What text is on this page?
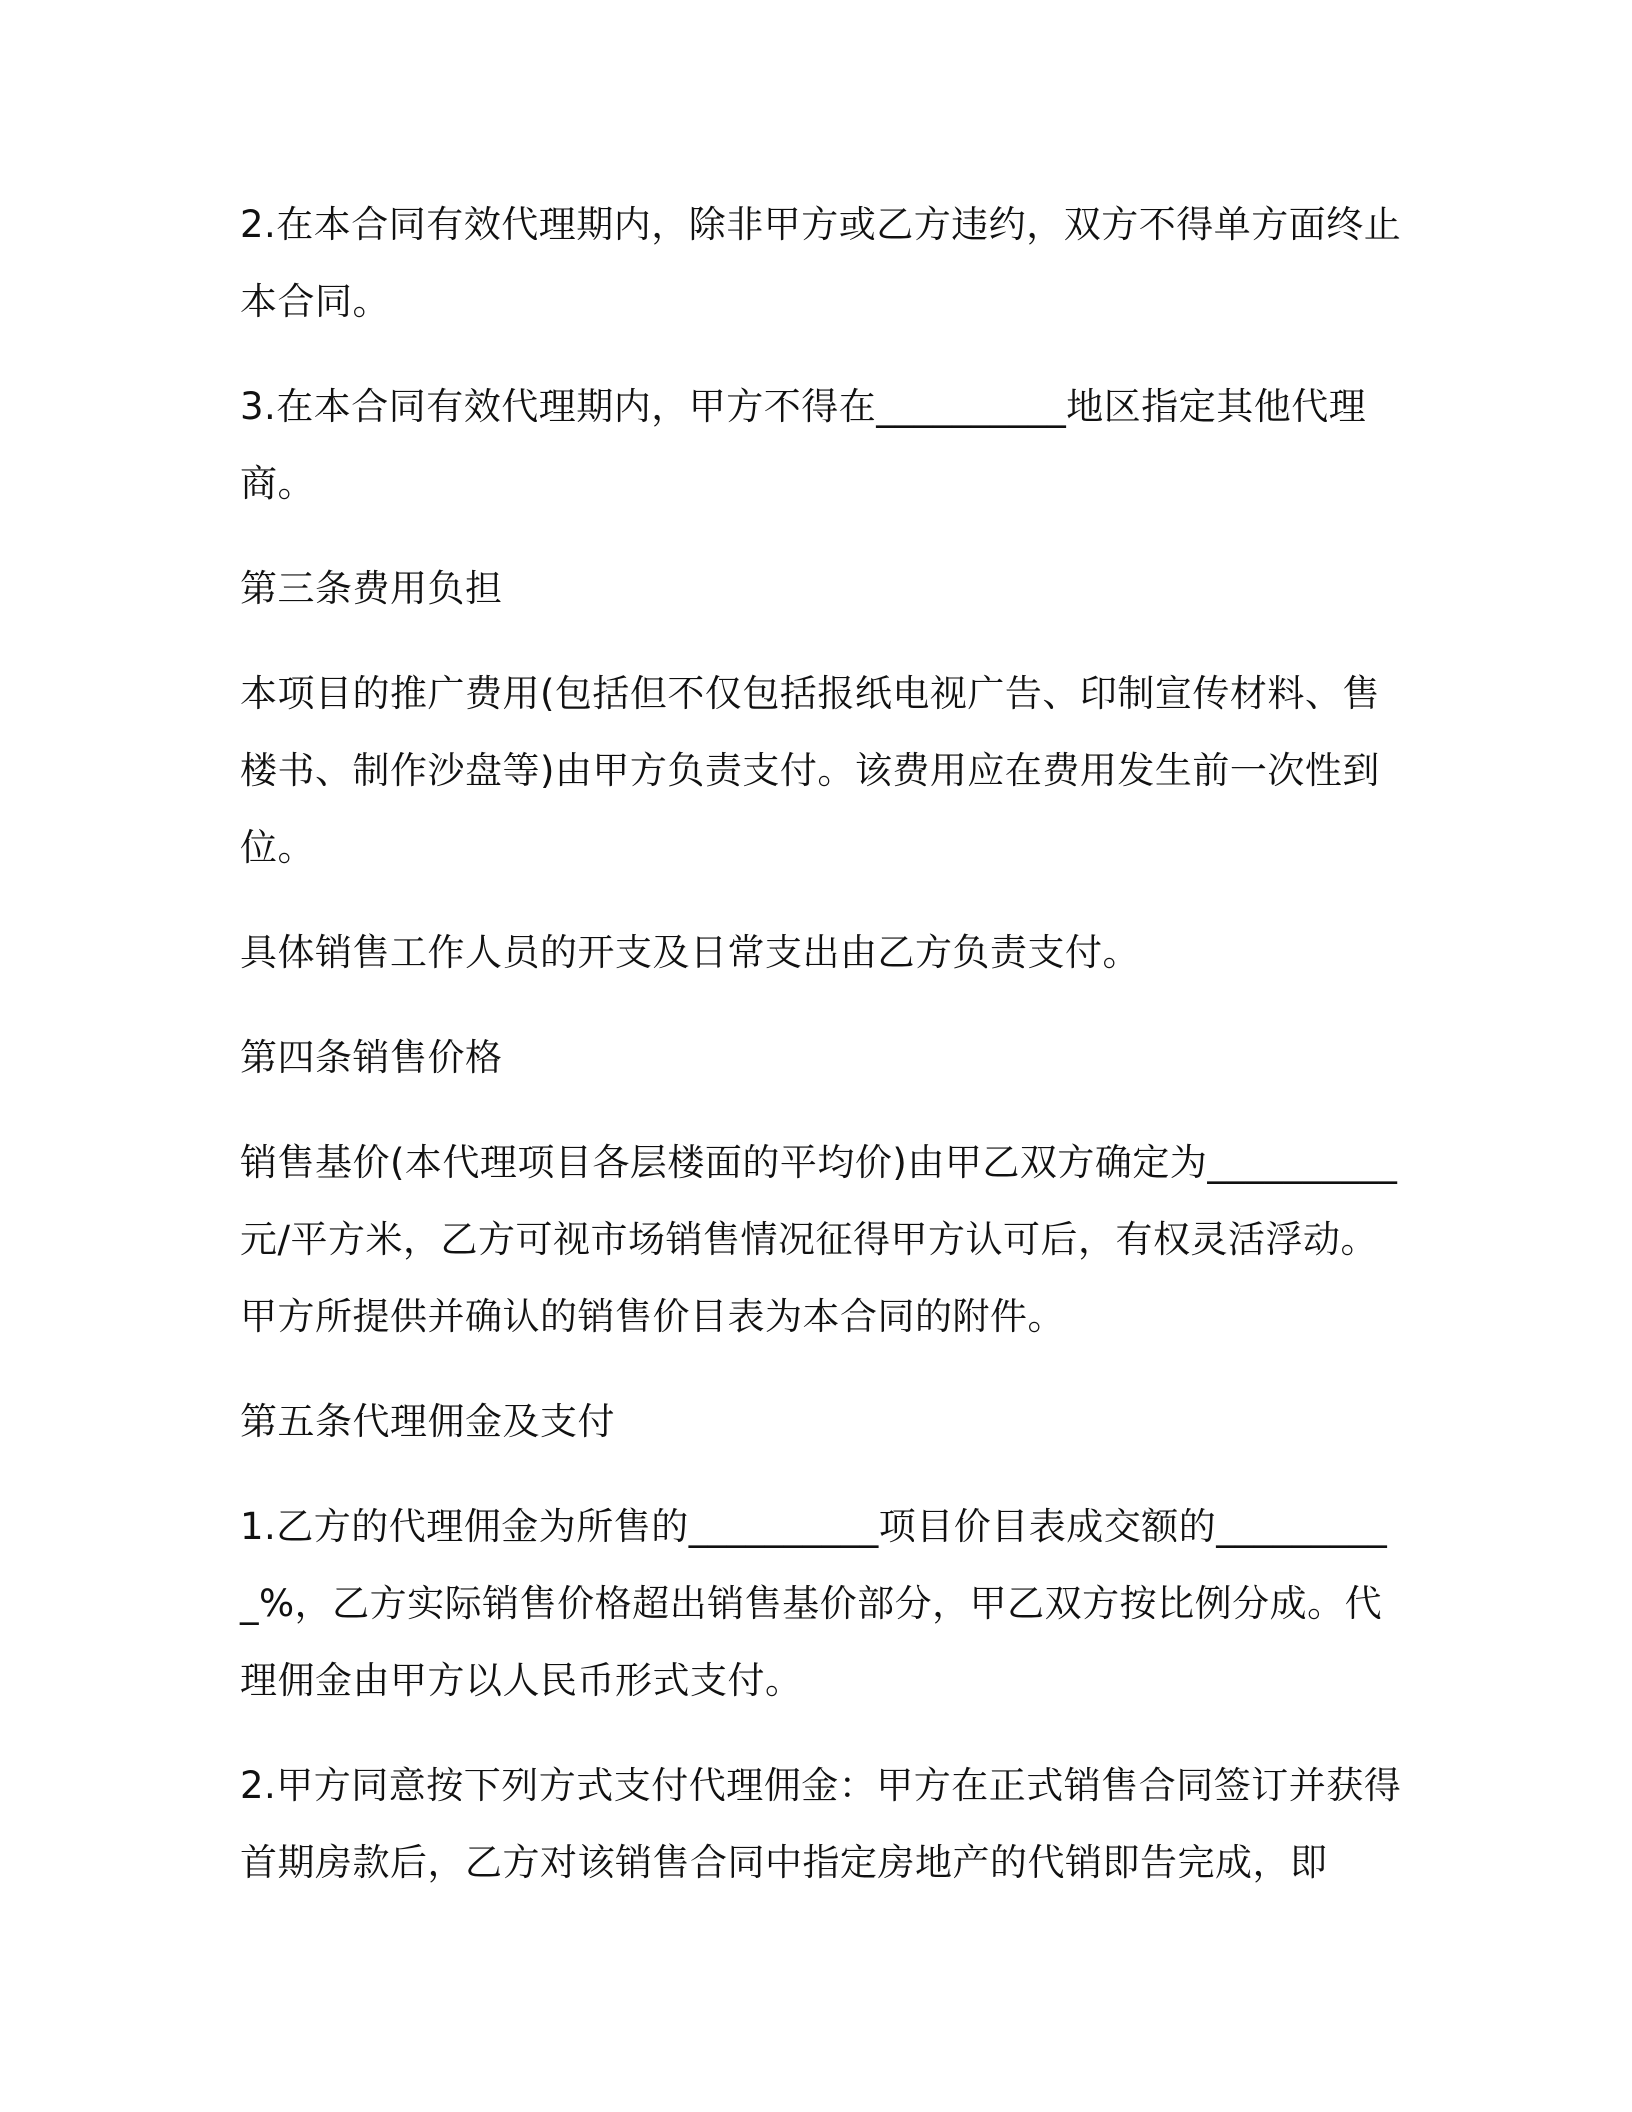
2.在本合同有效代理期内，除非甲方或乙方违约，双方不得单方面终止本合同。

3.在本合同有效代理期内，甲方不得在__________地区指定其他代理商。

第三条费用负担

本项目的推广费用(包括但不仅包括报纸电视广告、印制宣传材料、售楼书、制作沙盘等)由甲方负责支付。该费用应在费用发生前一次性到位。

具体销售工作人员的开支及日常支出由乙方负责支付。

第四条销售价格

销售基价(本代理项目各层楼面的平均价)由甲乙双方确定为__________元/平方米，乙方可视市场销售情况征得甲方认可后，有权灵活浮动。甲方所提供并确认的销售价目表为本合同的附件。

第五条代理佣金及支付

1.乙方的代理佣金为所售的__________项目价目表成交额的__________%，乙方实际销售价格超出销售基价部分，甲乙双方按比例分成。代理佣金由甲方以人民币形式支付。

2.甲方同意按下列方式支付代理佣金：甲方在正式销售合同签订并获得首期房款后，乙方对该销售合同中指定房地产的代销即告完成，即
